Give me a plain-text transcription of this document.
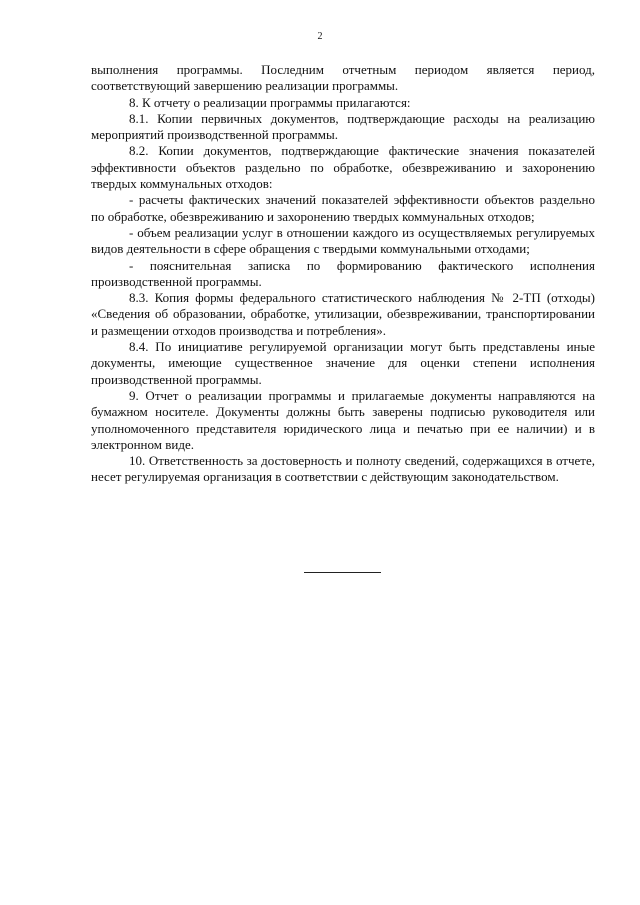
2

выполнения программы. Последним отчетным периодом является период, соответствующий завершению реализации программы.

8. К отчету о реализации программы прилагаются:

8.1. Копии первичных документов, подтверждающие расходы на реализацию мероприятий производственной программы.

8.2. Копии документов, подтверждающие фактические значения показателей эффективности объектов раздельно по обработке, обезвреживанию и захоронению твердых коммунальных отходов:

- расчеты фактических значений показателей эффективности объектов раздельно по обработке, обезвреживанию и захоронению твердых коммунальных отходов;

- объем реализации услуг в отношении каждого из осуществляемых регулируемых видов деятельности в сфере обращения с твердыми коммунальными отходами;

- пояснительная записка по формированию фактического исполнения производственной программы.

8.3. Копия формы федерального статистического наблюдения № 2-ТП (отходы) «Сведения об образовании, обработке, утилизации, обезвреживании, транспортировании и размещении отходов производства и потребления».

8.4. По инициативе регулируемой организации могут быть представлены иные документы, имеющие существенное значение для оценки степени исполнения производственной программы.

9. Отчет о реализации программы и прилагаемые документы направляются на бумажном носителе. Документы должны быть заверены подписью руководителя или уполномоченного представителя юридического лица и печатью при ее наличии) и в электронном виде.

10. Ответственность за достоверность и полноту сведений, содержащихся в отчете, несет регулируемая организация в соответствии с действующим законодательством.
